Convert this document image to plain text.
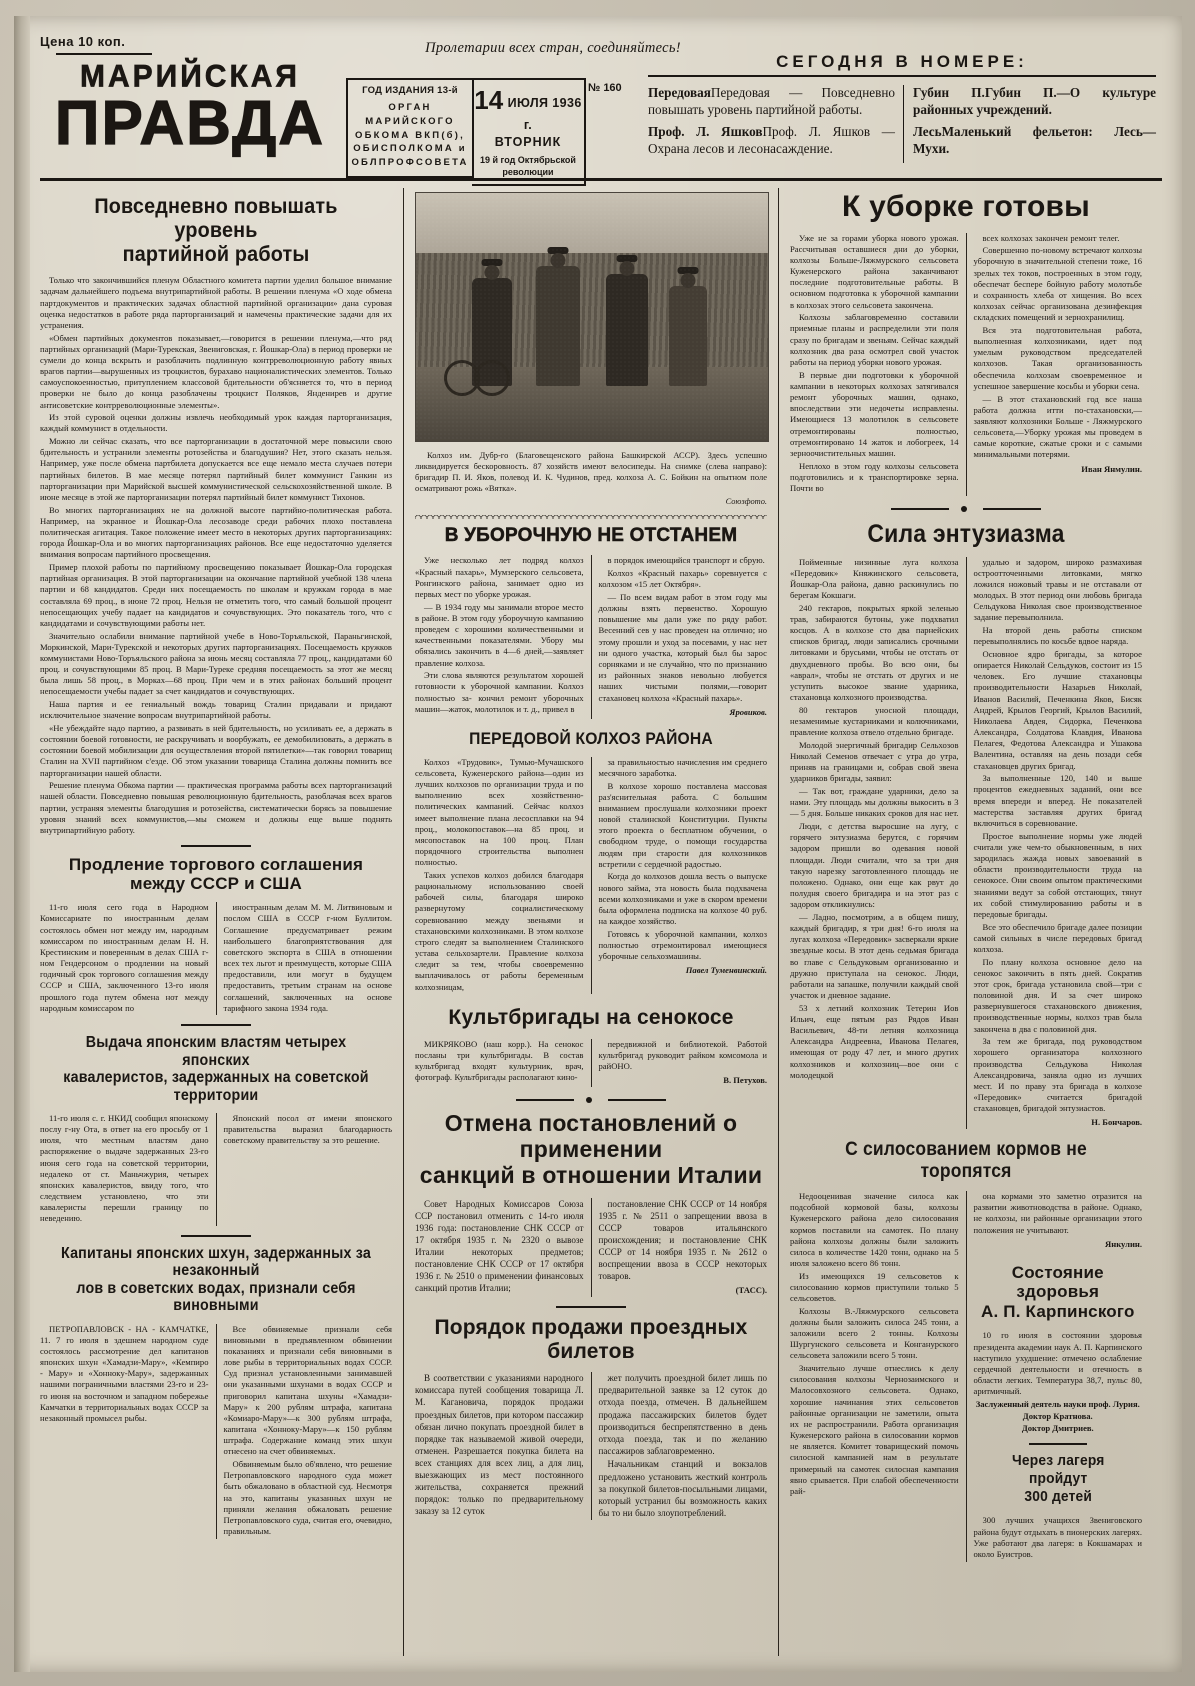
Цена 10 коп.	Пролетарии всех стран, соединяйтесь!
МАРИЙСКАЯ
ПРАВДА	ГОД ИЗДАНИЯ 13-й
ОРГАН
МАРИЙСКОГО
ОБКОМА ВКП(б),
ОБИСПОЛКОМА и
ОБЛПРОФСОВЕТА
14 ИЮЛЯ 1936 г.
ВТОРНИК
19 й год Октябрьской
революции
№ 160
СЕГОДНЯ В НОМЕРЕ:

ПередоваяПередовая — Повседневно повышать уровень партийной работы.

Проф. Л. ЯшковПроф. Л. Яшков — Охрана лесов и лесонасаждение.

Губин П.Губин П.—О культуре районных учреждений.

ЛесьМаленький фельетон: Лесь—Мухи.

Повседневно повышать уровень
партийной работы

Только что закончившийся пленум Областного комитета партии уделил большое внимание задачам дальнейшего подъема внутрипартийной работы. В решении пленума «О ходе обмена партдокументов и практических задачах областной партийной организации» дана суровая оценка недостатков в работе ряда парторганизаций и намечены практические задачи для их устранения.

«Обмен партийных документов показывает,—говорится в решении пленума,—что ряд партийных организаций (Мари-Турекская, Звениговская, г. Йошкар-Ола) в период проверки не сумели до конца вскрыть и разоблачить подлинную контрреволюционную работу явных врагов партии—вырушенных из троцкистов, бурахаво националистических элементов. Только самоуспокоенностью, притуплением классовой бдительности об'ясняется то, что в период проверки не было до конца разоблачены троцкист Поляков, Янденирев и другие антисоветские контрреволюционные элементы».

Из этой суровой оценки должны извлечь необходимый урок каждая парторганизация, каждый коммунист в отдельности.

Можно ли сейчас сказать, что все парторганизации в достаточной мере повысили свою бдительность и устранили элементы ротозейства и благодушия? Нет, этого сказать нельзя. Например, уже после обмена партбилета допускается все еще немало места случаев потери партийных билетов. В мае месяце потерял партийный билет коммунист Ганкин из парторганизации при Марийской высшей коммунистической сельскохозяйственной школе. В июне месяце в этой же парторганизации потерял партийный билет коммунист Тихонов.

Во многих парторганизациях не на должной высоте партийно-политическая работа. Например, на экранное и Йошкар-Ола лесозаводе среди рабочих плохо поставлена политическая агитация. Такое положение имеет место в некоторых других парторганизациях: города Йошкар-Ола и во многих парторганизациях районов. Все еще недостаточно уделяется внимания вопросам партийного просвещения.

Пример плохой работы по партийному просвещению показывает Йошкар-Ола городская партийная организация. В этой парторганизации на окончание партийной учебной 138 члена партии и 68 кандидатов. Среди них посещаемость по школам и кружкам города в мае составляла 69 проц., в июне 72 проц. Нельзя не отметить того, что самый большой процент непосещающих учебу падает на кандидатов и сочувствующих. Это показатель того, что с кандидатами и сочувствующими работы нет.

Значительно ослабили внимание партийной учебе в Ново-Торъяльской, Параньгинской, Моркинской, Мари-Турекской и некоторых других парторганизациях. Посещаемость кружков коммунистами Ново-Торъяльского района за июнь месяц составляла 77 проц., кандидатами 60 проц. и сочувствующими 85 проц. В Мари-Туреке средняя посещаемость за этот же месяц была лишь 58 проц., в Морках—68 проц. При чем и в этих районах больший процент непосещаемости учебы падает за счет кандидатов и сочувствующих.

Наша партия и ее гениальный вождь товарищ Сталин придавали и придают исключительное значение вопросам внутрипартийной работы.

«Не убеждайте надо партию, а развивать в ней бдительность, но усиливать ее, а держать в состоянии боевой готовности, не раскручивать и воорбужать, ее демобилизовать, а держать в состоянии боевой мобилизации для осуществления второй пятилетки»—так говорил товарищ Сталин на XVII партийном с'езде. Об этом указании товарища Сталина должны помнить все парторганизации нашей области.

Решение пленума Обкома партии — практическая программа работы всех парторганизаций нашей области. Повседневно повышая революционную бдительность, разоблачая всех врагов партии, устраняя элементы благодушия и ротозейства, систематически борясь за повышение уровня знаний всех коммунистов,—мы сможем и должны еще выше поднять внутрипартийную работу.

Продление торгового соглашения
между СССР и США

11-го июля сего года в Народном Комиссариате по иностранным делам состоялось обмен нот между им, народным комиссаром по иностранным делам Н. Н. Крестинским и поверенным в делах США г-ном Гендерсоном о продлении на новый годичный срок торгового соглашения между СССР и США, заключенного 13-го июля прошлого года путем обмена нот между народным комиссаром по

иностранным делам М. М. Литвиновым и послом США в СССР г-ном Буллитом. Соглашение предусматривает режим наибольшего благоприятствования для советского экспорта в США в отношении всех тех льгот и преимуществ, которые США предоставили, или могут в будущем предоставить, третьим странам на основе соглашений, заключенных на основе тарифного закона 1934 года.

Выдача японским властям четырех японских
кавалеристов, задержанных на советской территории

11-го июля с. г. НКИД сообщил японскому послу г-ну Ота, в ответ на его просьбу от 1 июля, что местным властям дано распоряжение о выдаче задержанных 23-го июня сего года на советской территории, недалеко от ст. Маньчжурия, четырех японских кавалеристов, ввиду того, что следствием установлено, что эти кавалеристы перешли границу по неведению.

Японский посол от имени японского правительства выразил благодарность советскому правительству за это решение.

Капитаны японских шхун, задержанных за незаконный
лов в советских водах, признали себя виновными

ПЕТРОПАВЛОВСК - НА - КАМЧАТКЕ, 11. 7 го июля в здешнем народном суде состоялось рассмотрение дел капитанов японских шхун «Хамадзи-Мару», «Кемпиро - Мару» и «Хоннокy-Мару», задержанных нашими пограничными властями 23-го и 23-го июня на восточном и западном побережье Камчатки в территориальных водах СССР за незаконный промысел рыбы.

Все обвиняемые признали себя виновными в предъявленном обвинении показаниях и признали себя виновными в лове рыбы в территориальных водах СССР. Суд признал установленными занимавшей они указанными шхунами в водах СССР и приговорил капитана шхуны «Хамадзи-Мару» к 200 рублям штрафа, капитана «Комиаро-Мару»—к 300 рублям штрафа, капитана «Хоннокy-Мару»—к 150 рублям штрафа. Содержание команд этих шхун отнесено на счет обвиняемых.

Обвиняемым было об'явлено, что решение Петропавловского народного суда может быть обжаловано в областной суд. Несмотря на это, капитаны указанных шхун не приняли желания обжаловать решение Петропавловского суда, считая его, очевидно, правильным.

Колхоз им. Дубр-го (Благовещенского района Башкирской АССР). Здесь успешно ликвидируется бескоровность. 87 хозяйств имеют велосипеды. На снимке (слева направо): бригадир П. И. Яков, полевод И. К. Чудинов, пред. колхоза А. С. Бойкин на опытном поле осматривают рожь «Вятка».
Союзфото.
В УБОРОЧНУЮ НЕ ОТСТАНЕМ

Уже несколько лет подряд колхоз «Красный пахарь», Мумзерского сельсовета, Ронгинского района, занимает одно из первых мест по уборке урожая.

— В 1934 году мы занимали второе место в районе. В этом году убороучную кампанию проведем с хорошими количественными и качественными показателями. Убору мы обязались закончить в 4—6 дней,—заявляет правление колхоза.

Эти слова являются результатом хорошей готовности к уборочной кампании. Колхоз полностью за- кончил ремонт уборочных машин—жаток, молотилок и т. д., привел в

в порядок имеющийся транспорт и сбрую.

Колхоз «Красный пахарь» соревнуется с колхозом «15 лет Октября».

— По всем видам работ в этом году мы должны взять первенство. Хорошую повышение мы дали уже по ряду работ. Весенний сев у нас проведен на отлично; но этому прошли и уход за посевами, у нас нет ни одного участка, который был бы зарос сорняками и не случайно, что по признанию из районных знаков невольно любуется наших чистыми полями,—говорит стахановец колхоза «Красный пахарь».

Яровиков.
ПЕРЕДОВОЙ КОЛХОЗ РАЙОНА

Колхоз «Трудовик», Тумью-Мучашского сельсовета, Куженерского района—один из лучших колхозов по организации труда и по выполнению всех хозяйственно-политических кампаний. Сейчас колхоз имеет выполнение плана лесосплавки на 94 проц., молокопоставок—на 85 проц. и мясопоставок на 100 проц. План порядочного строительства выполнен полностью.

Таких успехов колхоз добился благодаря рациональному использованию своей рабочей силы, благодаря широко развернутому социалистическому соревнованию между звеньями и стахановскими колхозниками. В этом колхозе строго следят за выполнением Сталинского устава сельхозартели. Правление колхоза следит за тем, чтобы своевременно выплачивалось от работы беременным колхозницам,

за правильностью начисления им среднего месячного заработка.

В колхозе хорошо поставлена массовая раз'яснительная работа. С большим вниманием прослушали колхозники проект новой сталинской Конституции. Пункты этого проекта о бесплатном обучении, о свободном труде, о помощи государства людям при старости для колхозников встретили с сердечной радостью.

Когда до колхозов дошла весть о выпуске нового займа, эта новость была подхвачена всеми колхозниками и уже в скором времени была оформлена подписка на колхозе 40 руб. на каждое хозяйство.

Готовясь к уборочной кампании, колхоз полностью отремонтировал имеющиеся уборочные сельхозмашины.

Павел Туменвинский.
Культбригады на сенокосе

МИКРЯКОВО (наш корр.). На сенокос посланы три культбригады. В состав культбригад входят культурник, врач, фотограф. Культбригады располагают кино-

передвижной и библиотекой. Работой культбригад руководит райком комсомола и райОНО.

В. Петухов.
Отмена постановлений о применении
санкций в отношении Италии

Совет Народных Комиссаров Союза ССР постановил отменить с 14-го июля 1936 года: постановление СНК СССР от 17 октября 1935 г. № 2320 о вывозе Италии некоторых предметов; постановление СНК СССР от 17 октября 1936 г. № 2510 о применении финансовых санкций против Италии;

постановление СНК СССР от 14 ноября 1935 г. № 2511 о запрещении ввоза в СССР товаров итальянского происхождения; и постановление СНК СССР от 14 ноября 1935 г. № 2612 о воспрещении ввоза в СССР некоторых товаров.

(ТАСС).
Порядок продажи проездных билетов

В соответствии с указаниями народного комиссара путей сообщения товарища Л. М. Кагановича, порядок продажи проездных билетов, при котором пассажир обязан лично покупать проездной билет в порядке так называемой живой очереди, отменен. Разрешается покупка билета на всех станциях для всех лиц, а для лиц, выезжающих из мест постоянного жительства, сохраняется прежний порядок: только по предварительному заказу за 12 суток

жет получить проездной билет лишь по предварительной заявке за 12 суток до отхода поезда, отмечен. В дальнейшем продажа пассажирских билетов будет производиться беспрепятственно в день отхода поезда, так и по желанию пассажиров заблаговременно.

Начальникам станций и вокзалов предложено установить жесткий контроль за покупкой билетов-посыльными лицами, который устранил бы возможность каких бы то ни было злоупотреблений.

К уборке готовы

Уже не за горами уборка нового урожая. Рассчитывая оставшиеся дни до уборки, колхозы Больше-Ляжмурского сельсовета Куженерского района заканчивают последние подготовительные работы. В основном подготовка к уборочной кампании в колхозах этого сельсовета закончена.

Колхозы заблаговременно составили приемные планы и распределили эти поля сразу по бригадам и звеньям. Сейчас каждый колхозник два раза осмотрел свой участок работы на период уборки нового урожая.

В первые дни подготовки к уборочной кампании в некоторых колхозах затягивался ремонт уборочных машин, однако, впоследствии эти недочеты исправлены. Имеющиеся 13 молотилок в сельсовете отремонтированы полностью, отремонтировано 14 жаток и лобогреек, 14 зерноочистительных машин.

Неплохо в этом году колхозы сельсовета подготовились и к транспортировке зерна. Почти во

всех колхозах закончен ремонт телег.

Совершенно по-новому встречают колхозы уборочную в значительной степени тоже, 16 зрелых тех токов, построенных в этом году, обеспечат беспере бойную работу молотьбе и сохранность хлеба от хищения. Во всех колхозах сейчас организована дезинфекция складских помещений и зернохранилищ.

Вся эта подготовительная работа, выполненная колхозниками, идет под умелым руководством председателей колхозов. Такая организованность обеспечила колхозам своевременное и успешное завершение косьбы и уборки сена.

— В этот стахановский год все наша работа должна итти по-стахановски,—заявляют колхозники Больше - Ляжмурского сельсовета,—Уборку урожая мы проведем в самые короткие, сжатые сроки и с самыми минимальными потерями.

Иван Янмулин.
Сила энтузиазма

Пойменные низинные луга колхоза «Передовик» Княжинского сельсовета, Йошкар-Ола района, давно раскинулись по берегам Кокшаги.

240 гектаров, покрытых яркой зеленью трав, забираются бутоны, уже подхватил косцов. А в колхозе сто два парнейских списков бригад, люди записались срочными литовками и брусьями, чтобы не отстать от двухдневного пробы. Во всю они, бы «аврал», чтобы не отстать от других и не уступить высокое звание ударника, стахановца колхозного производства.

80 гектаров уносной площади, незаменимые кустарниками и колючниками, правление колхоза отвело отдельно бригаде.

Молодой энергичный бригадир Сельхозов Николай Семенов отвечает с утра до утра, приняв на границами и, собрав свой звена ударников бригады, заявил:

— Так вот, граждане ударники, дело за нами. Эту площадь мы должны выкосить в 3 — 5 дня. Больше никаких сроков для нас нет.

Люди, с детства выросшие на лугу, с горячего энтузиазма берутся, с горячим задором пришли во одевания новой площади. Люди считали, что за три дня такую нарезку заготовленного площадь не положено. Однако, они еще как рвут до полудня своего бригадира и на этот раз с задором откликнулись:

— Ладно, посмотрим, а в общем пишу, каждый бригадир, я три дня! 6-го июля на лугах колхоза «Передовик» засверкали яркие звездные косы. В этот день седьмая бригада во главе с Сельдуковым организованно и дружно приступала на сенокос. Люди, работали на запашке, получили каждый свой участок и дневное задание.

53 х летний колхозник Тетерин Иов Ильич, еще пятым раз Рядов Иван Васильевич, 48-ти летняя колхозница Александра Андреевна, Иванова Пелагея, имеющая от роду 47 лет, и много других колхозников и колхозниц—вое они с молодецкой

удалью и задором, широко размахивая остроотточенными литовками, мягко ложился ножовый травы и не отставали от молодых. В этот период они любовь бригада Сельдукова Николая свое производственное задание перевыполнила.

На второй день работы списком перевыполнялись по косьбе вдвое наряда.

Основное ядро бригады, за которое опирается Николай Сельдуков, состоит из 15 человек. Его лучшие стахановцы производительности Назарьев Николай, Иванов Василий, Печенкина Яков, Бисяк Андрей, Крылов Георгий, Крылов Василий, Николаева Авдея, Сидорка, Печенкова Александра, Солдатова Клавдия, Иванова Пелагея, Федотова Александра и Ушакова Валентина, оставляя на день позади себя стахановцев других бригад.

За выполненные 120, 140 и выше процентов ежедневных заданий, они все время впереди и вперед. Не показателей мастерства заставляя других бригад включиться в соревнование.

Простое выполнение нормы уже людей считали уже чем-то обыкновенным, в них зародилась жажда новых завоеваний в области производительности труда на сенокосе. Они своим опытом практическими знаниями ведут за собой отстающих, тянут их собой стимулированию работы и в передовые бригады.

Все это обеспечило бригадe далее позиции самой сильных в числе передовых бригад колхоза.

По плану колхоза основное дело на сенокос закончить в пять дней. Сократив этот срок, бригада установила свой—три с половиной дня. И за счет широко развернувшегося стахановского движения, производственные нормы, колхоз трав была закончена в два с половиной дня.

За тем же бригада, под руководством хорошего организатора колхозного производства Сельдукова Николая Александровича, заняла одно из лучших мест. И по праву эта бригада в колхозе «Передовик» считается бригадой стахановцев, бригадой энтузиастов.

Н. Бончаров.
С силосованием кормов не торопятся

Недооценивая значение силоса как подсобной кормовой базы, колхозы Куженерского района дело силосования кормов поставили на самотек. По плану района колхозы должны были заложить силоса в количестве 1420 тонн, однако на 5 июля заложено всего 86 тонн.

Из имеющихся 19 сельсоветов к силосованию кормов приступили только 5 сельсоветов.

Колхозы В.-Ляжмурского сельсовета должны были заложить силоса 245 тонн, а заложили всего 2 тонны. Колхозы Шургунского сельсовета и Конганурского сельсовета заложили всего 5 тонн.

Значительно лучше отнеслись к делу силосования колхозы Чернозаимского и Малосовхозного сельсовета. Однако, хорошие начинания этих сельсоветов районные организации не заметили, опыта их не распространили. Работа организация Куженерского района в силосовании кормов не является. Комитет товарищеский помочь силосной кампанией нам в результате примерный на самотек силосная кампания явно срывается. При слабой обеспеченности рай-

она кормами это заметно отразится на развитии животноводства в районе. Однако, не колхозы, ни районные организации этого положения не учитывают.

Янкулин.
Состояние здоровья
А. П. Карпинского

10 го июля в состоянии здоровья президента академии наук А. П. Карпинского наступило ухудшение: отмечено ослабление сердечной деятельности и отечность в области легких. Температура 38,7, пульс 80, аритмичный.

Заслуженный деятель науки проф. Лурия.
Доктор Кратнова.
Доктор Дмитриев.
Через лагеря пройдут
300 детей

300 лучших учащихся Звениговского района будут отдыхать в пионерских лагерях. Уже работают два лагеря: в Кокшамарах и около Буистров.
